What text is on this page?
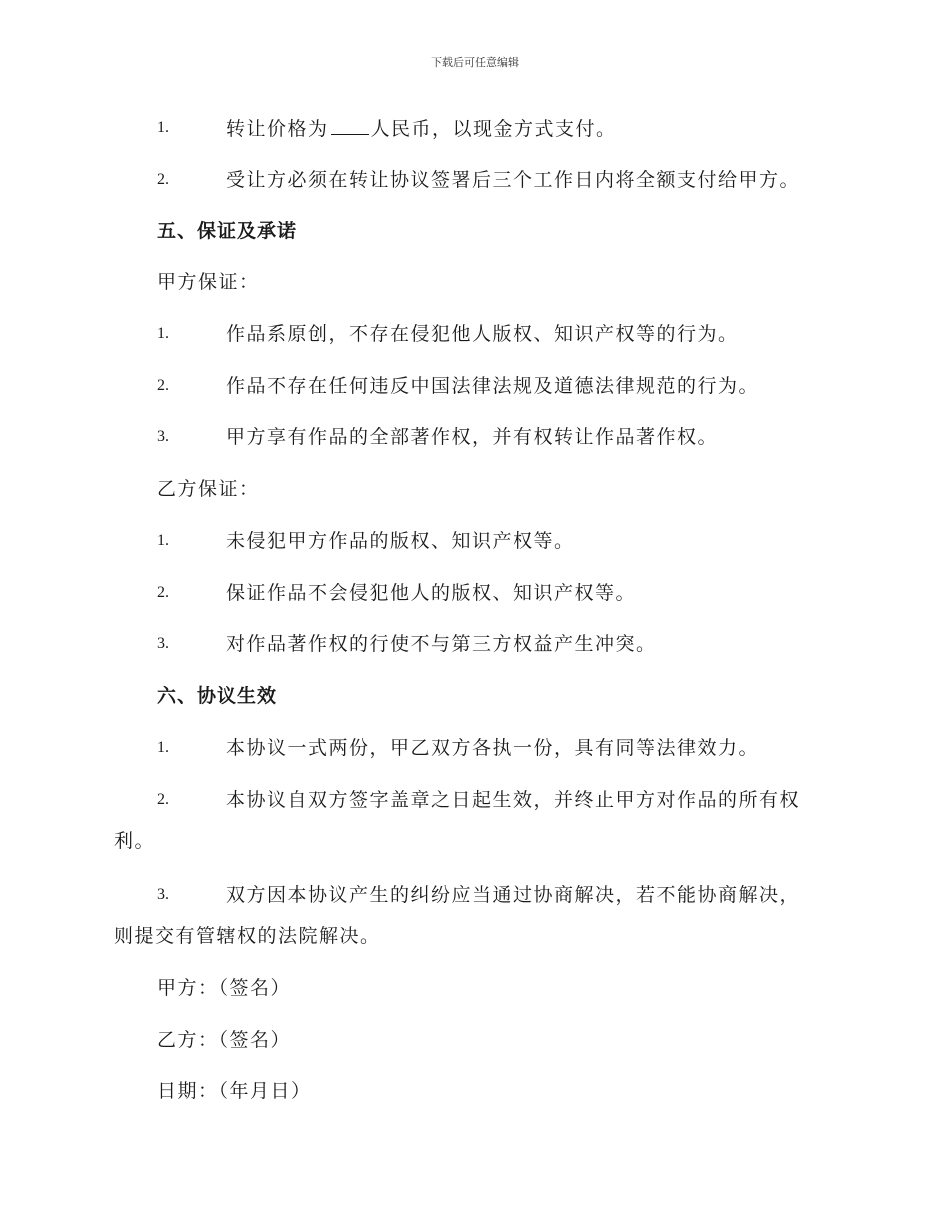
下载后可任意编辑
1.	转让价格为 人民币，以现金方式支付。
2.	受让方必须在转让协议签署后三个工作日内将全额支付给甲方。
五、保证及承诺
甲方保证：
1.	作品系原创，不存在侵犯他人版权、知识产权等的行为。
2.	作品不存在任何违反中国法律法规及道德法律规范的行为。
3.	甲方享有作品的全部著作权，并有权转让作品著作权。
乙方保证：
1.	未侵犯甲方作品的版权、知识产权等。
2.	保证作品不会侵犯他人的版权、知识产权等。
3.	对作品著作权的行使不与第三方权益产生冲突。
六、协议生效
1.	本协议一式两份，甲乙双方各执一份，具有同等法律效力。
2.	本协议自双方签字盖章之日起生效，并终止甲方对作品的所有权
利。
3.	双方因本协议产生的纠纷应当通过协商解决，若不能协商解决，
则提交有管辖权的法院解决。
甲方：（签名）
乙方：（签名）
日期：（年月日）
